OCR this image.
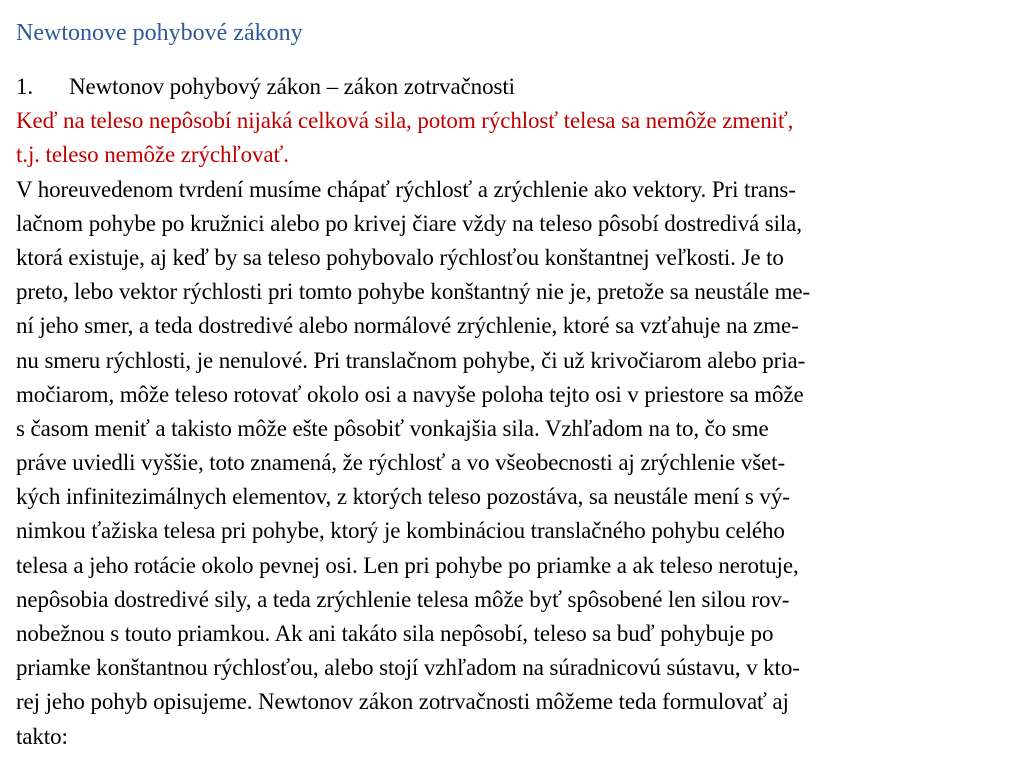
Newtonove pohybové zákony
1. Newtonov pohybový zákon – zákon zotrvačnosti
Keď na teleso nepôsobí nijaká celková sila, potom rýchlosť telesa sa nemôže zmeniť,
t.j. teleso nemôže zrýchľovať.
V horeuvedenom tvrdení musíme chápať rýchlosť a zrýchlenie ako vektory. Pri trans-
lačnom pohybe po kružnici alebo po krivej čiare vždy na teleso pôsobí dostredivá sila,
ktorá existuje, aj keď by sa teleso pohybovalo rýchlosťou konštantnej veľkosti. Je to
preto, lebo vektor rýchlosti pri tomto pohybe konštantný nie je, pretože sa neustále me-
ní jeho smer, a teda dostredivé alebo normálové zrýchlenie, ktoré sa vzťahuje na zme-
nu smeru rýchlosti, je nenulové. Pri translačnom pohybe, či už krivočiarom alebo pria-
močiarom, môže teleso rotovať okolo osi a navyše poloha tejto osi v priestore sa môže
s časom meniť a takisto môže ešte pôsobiť vonkajšia sila. Vzhľadom na to, čo sme
práve uviedli vyššie, toto znamená, že rýchlosť a vo všeobecnosti aj zrýchlenie všet-
kých infinitezimálnych elementov, z ktorých teleso pozostáva, sa neustále mení s vý-
nimkou ťažiska telesa pri pohybe, ktorý je kombináciou translačného pohybu celého
telesa a jeho rotácie okolo pevnej osi. Len pri pohybe po priamke a ak teleso nerotuje,
nepôsobia dostredivé sily, a teda zrýchlenie telesa môže byť spôsobené len silou rov-
nobežnou s touto priamkou. Ak ani takáto sila nepôsobí, teleso sa buď pohybuje po
priamke konštantnou rýchlosťou, alebo stojí vzhľadom na súradnicovú sústavu, v kto-
rej jeho pohyb opisujeme. Newtonov zákon zotrvačnosti môžeme teda formulovať aj
takto:
